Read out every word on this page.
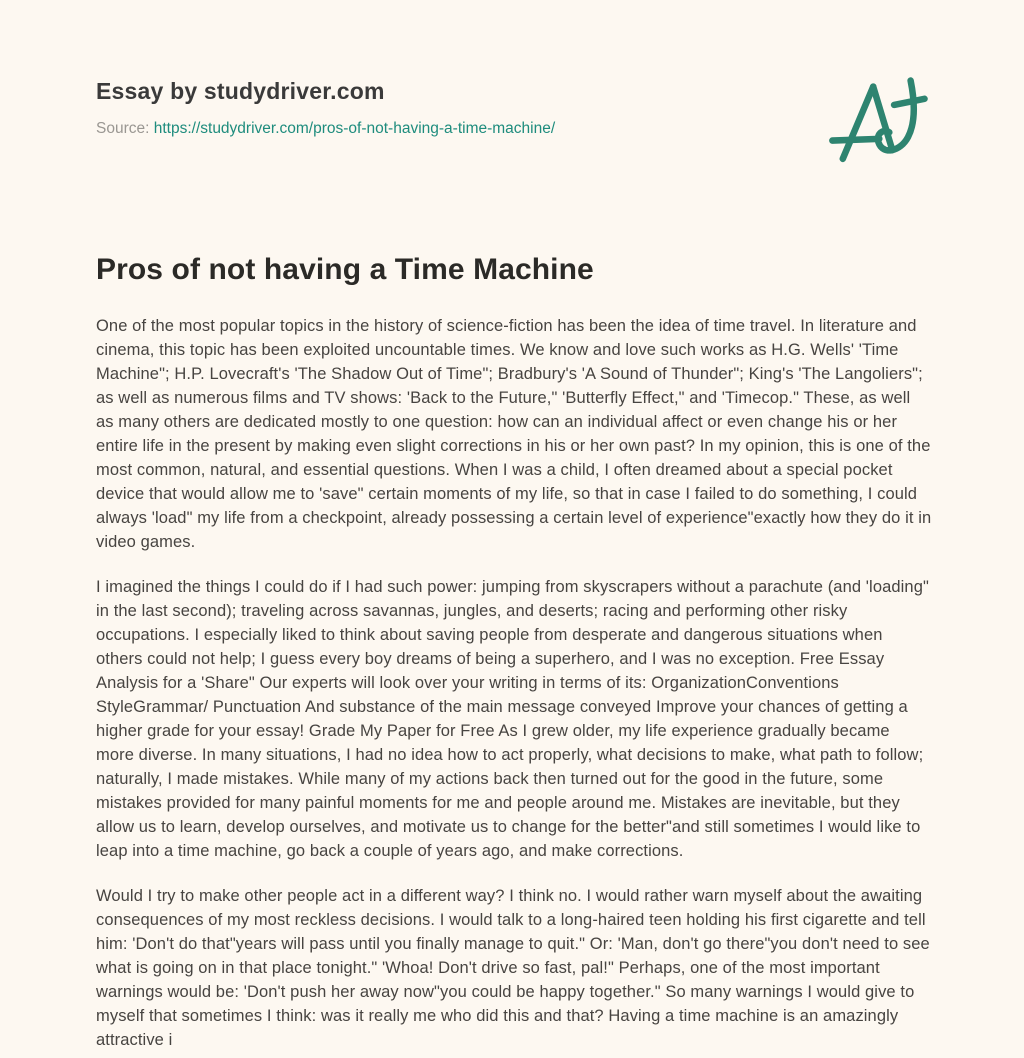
Essay by studydriver.com
Source: https://studydriver.com/pros-of-not-having-a-time-machine/
Pros of not having a Time Machine

One of the most popular topics in the history of science-fiction has been the idea of time travel. In literature and cinema, this topic has been exploited uncountable times. We know and love such works as H.G. Wells' 'Time Machine"; H.P. Lovecraft's 'The Shadow Out of Time"; Bradbury's 'A Sound of Thunder"; King's 'The Langoliers"; as well as numerous films and TV shows: 'Back to the Future," 'Butterfly Effect," and 'Timecop." These, as well as many others are dedicated mostly to one question: how can an individual affect or even change his or her entire life in the present by making even slight corrections in his or her own past? In my opinion, this is one of the most common, natural, and essential questions. When I was a child, I often dreamed about a special pocket device that would allow me to 'save" certain moments of my life, so that in case I failed to do something, I could always 'load" my life from a checkpoint, already possessing a certain level of experience"exactly how they do it in video games.

I imagined the things I could do if I had such power: jumping from skyscrapers without a parachute (and 'loading" in the last second); traveling across savannas, jungles, and deserts; racing and performing other risky occupations. I especially liked to think about saving people from desperate and dangerous situations when others could not help; I guess every boy dreams of being a superhero, and I was no exception. Free Essay Analysis for a 'Share" Our experts will look over your writing in terms of its: OrganizationConventions StyleGrammar/ Punctuation And substance of the main message conveyed Improve your chances of getting a higher grade for your essay! Grade My Paper for Free As I grew older, my life experience gradually became more diverse. In many situations, I had no idea how to act properly, what decisions to make, what path to follow; naturally, I made mistakes. While many of my actions back then turned out for the good in the future, some mistakes provided for many painful moments for me and people around me. Mistakes are inevitable, but they allow us to learn, develop ourselves, and motivate us to change for the better"and still sometimes I would like to leap into a time machine, go back a couple of years ago, and make corrections.

Would I try to make other people act in a different way? I think no. I would rather warn myself about the awaiting consequences of my most reckless decisions. I would talk to a long-haired teen holding his first cigarette and tell him: 'Don't do that"years will pass until you finally manage to quit." Or: 'Man, don't go there"you don't need to see what is going on in that place tonight." 'Whoa! Don't drive so fast, pal!" Perhaps, one of the most important warnings would be: 'Don't push her away now"you could be happy together." So many warnings I would give to myself that sometimes I think: was it really me who did this and that? Having a time machine is an amazingly attractive i
